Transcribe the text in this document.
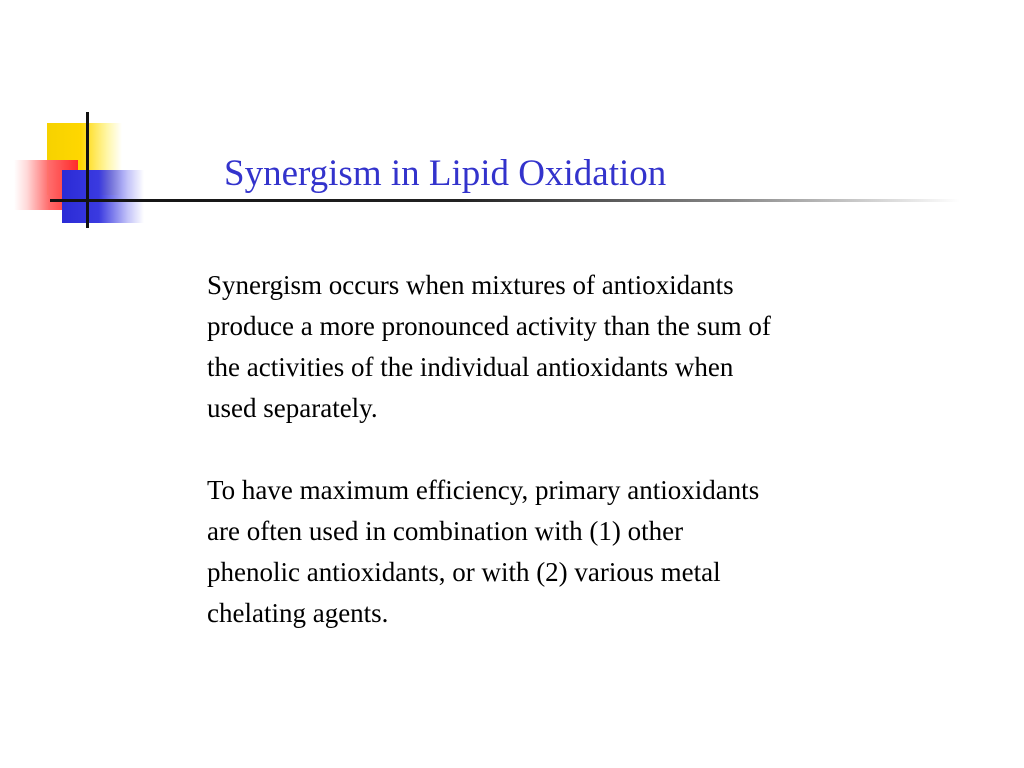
Synergism in Lipid Oxidation

Synergism occurs when mixtures of antioxidants
produce a more pronounced activity than the sum of
the activities of the individual antioxidants when
used separately.

To have maximum efficiency, primary antioxidants
are often used in combination with (1) other
phenolic antioxidants, or with (2) various metal
chelating agents.
